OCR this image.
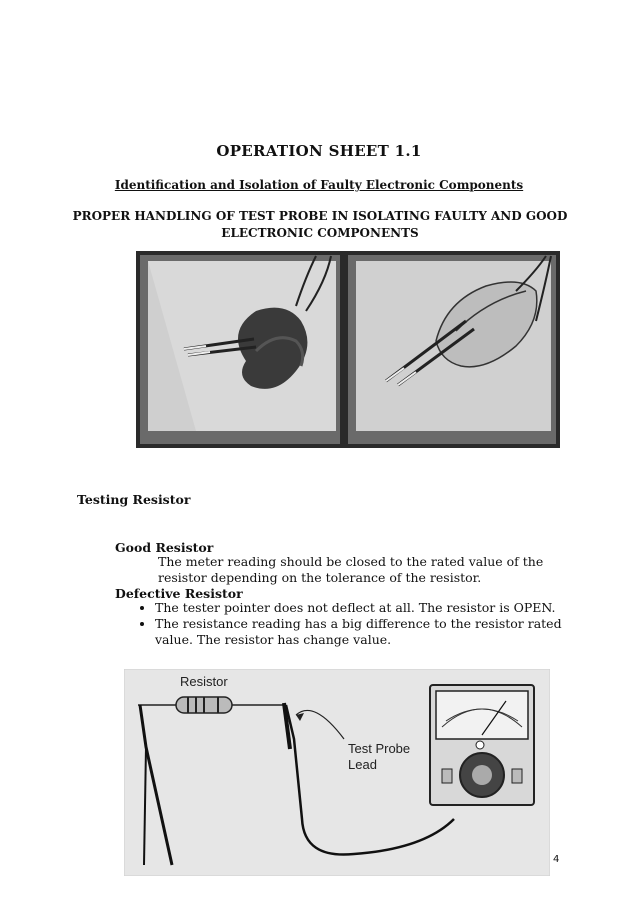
OPERATION SHEET 1.1
Identification and Isolation of Faulty Electronic Components
PROPER HANDLING OF TEST PROBE IN ISOLATING FAULTY AND GOOD
ELECTRONIC COMPONENTS
Testing Resistor
Good Resistor
The meter reading should be closed to the rated value of the resistor depending on the tolerance of the resistor.
Defective Resistor
• The tester pointer does not deflect at all. The resistor is OPEN.
• The resistance reading has a big difference to the resistor rated value. The resistor has change value.
Resistor
Test Probe
Lead
4
